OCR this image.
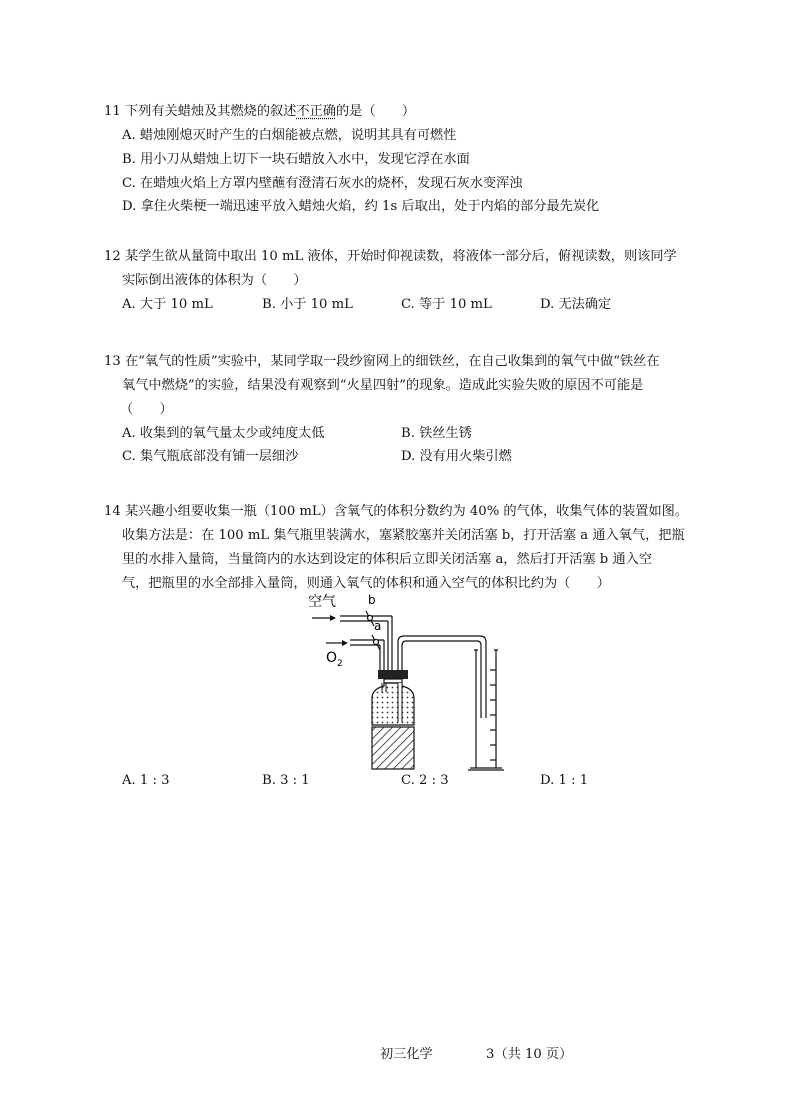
11 下列有关蜡烛及其燃烧的叙述不正确的是（　　）
A. 蜡烛刚熄灭时产生的白烟能被点燃，说明其具有可燃性
B. 用小刀从蜡烛上切下一块石蜡放入水中，发现它浮在水面
C. 在蜡烛火焰上方罩内壁蘸有澄清石灰水的烧杯，发现石灰水变浑浊
D. 拿住火柴梗一端迅速平放入蜡烛火焰，约 1s 后取出，处于内焰的部分最先炭化
12 某学生欲从量筒中取出 10 mL 液体，开始时仰视读数，将液体一部分后，俯视读数，则该同学
实际倒出液体的体积为（　　）
A. 大于 10 mL	B. 小于 10 mL	C. 等于 10 mL	D. 无法确定
13 在“氧气的性质”实验中，某同学取一段纱窗网上的细铁丝，在自己收集到的氧气中做“铁丝在
氧气中燃烧”的实验，结果没有观察到“火星四射”的现象。造成此实验失败的原因不可能是
（　　）
A. 收集到的氧气量太少或纯度太低	B. 铁丝生锈
C. 集气瓶底部没有铺一层细沙	D. 没有用火柴引燃
14 某兴趣小组要收集一瓶（100 mL）含氧气的体积分数约为 40% 的气体，收集气体的装置如图。
收集方法是：在 100 mL 集气瓶里装满水，塞紧胶塞并关闭活塞 b，打开活塞 a 通入氧气，把瓶
里的水排入量筒，当量筒内的水达到设定的体积后立即关闭活塞 a，然后打开活塞 b 通入空
气，把瓶里的水全部排入量筒，则通入氧气的体积和通入空气的体积比约为（　　）
空气	b
a
$O_2$
A. 1 : 3	B. 3 : 1	C. 2 : 3	D. 1 : 1
初三化学	3（共 10 页）
